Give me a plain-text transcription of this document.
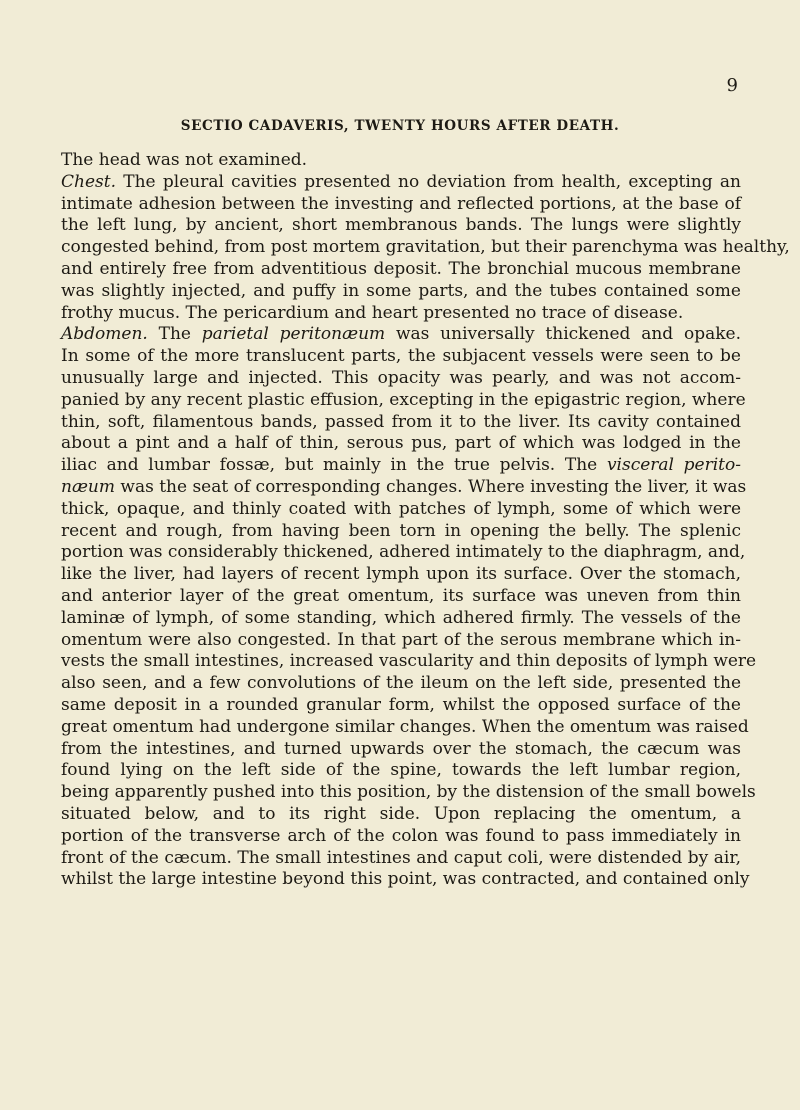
9
SECTIO CADAVERIS, TWENTY HOURS AFTER DEATH.
The head was not examined.
Chest. The pleural cavities presented no deviation from health, excepting an
intimate adhesion between the investing and reflected portions, at the base of
the left lung, by ancient, short membranous bands. The lungs were slightly
congested behind, from post mortem gravitation, but their parenchyma was healthy,
and entirely free from adventitious deposit. The bronchial mucous membrane
was slightly injected, and puffy in some parts, and the tubes contained some
frothy mucus. The pericardium and heart presented no trace of disease.
Abdomen. The parietal peritonæum was universally thickened and opake.
In some of the more translucent parts, the subjacent vessels were seen to be
unusually large and injected. This opacity was pearly, and was not accom-
panied by any recent plastic effusion, excepting in the epigastric region, where
thin, soft, filamentous bands, passed from it to the liver. Its cavity contained
about a pint and a half of thin, serous pus, part of which was lodged in the
iliac and lumbar fossæ, but mainly in the true pelvis. The visceral perito-
næum was the seat of corresponding changes. Where investing the liver, it was
thick, opaque, and thinly coated with patches of lymph, some of which were
recent and rough, from having been torn in opening the belly. The splenic
portion was considerably thickened, adhered intimately to the diaphragm, and,
like the liver, had layers of recent lymph upon its surface. Over the stomach,
and anterior layer of the great omentum, its surface was uneven from thin
laminæ of lymph, of some standing, which adhered firmly. The vessels of the
omentum were also congested. In that part of the serous membrane which in-
vests the small intestines, increased vascularity and thin deposits of lymph were
also seen, and a few convolutions of the ileum on the left side, presented the
same deposit in a rounded granular form, whilst the opposed surface of the
great omentum had undergone similar changes. When the omentum was raised
from the intestines, and turned upwards over the stomach, the cæcum was
found lying on the left side of the spine, towards the left lumbar region,
being apparently pushed into this position, by the distension of the small bowels
situated below, and to its right side. Upon replacing the omentum, a
portion of the transverse arch of the colon was found to pass immediately in
front of the cæcum. The small intestines and caput coli, were distended by air,
whilst the large intestine beyond this point, was contracted, and contained only
